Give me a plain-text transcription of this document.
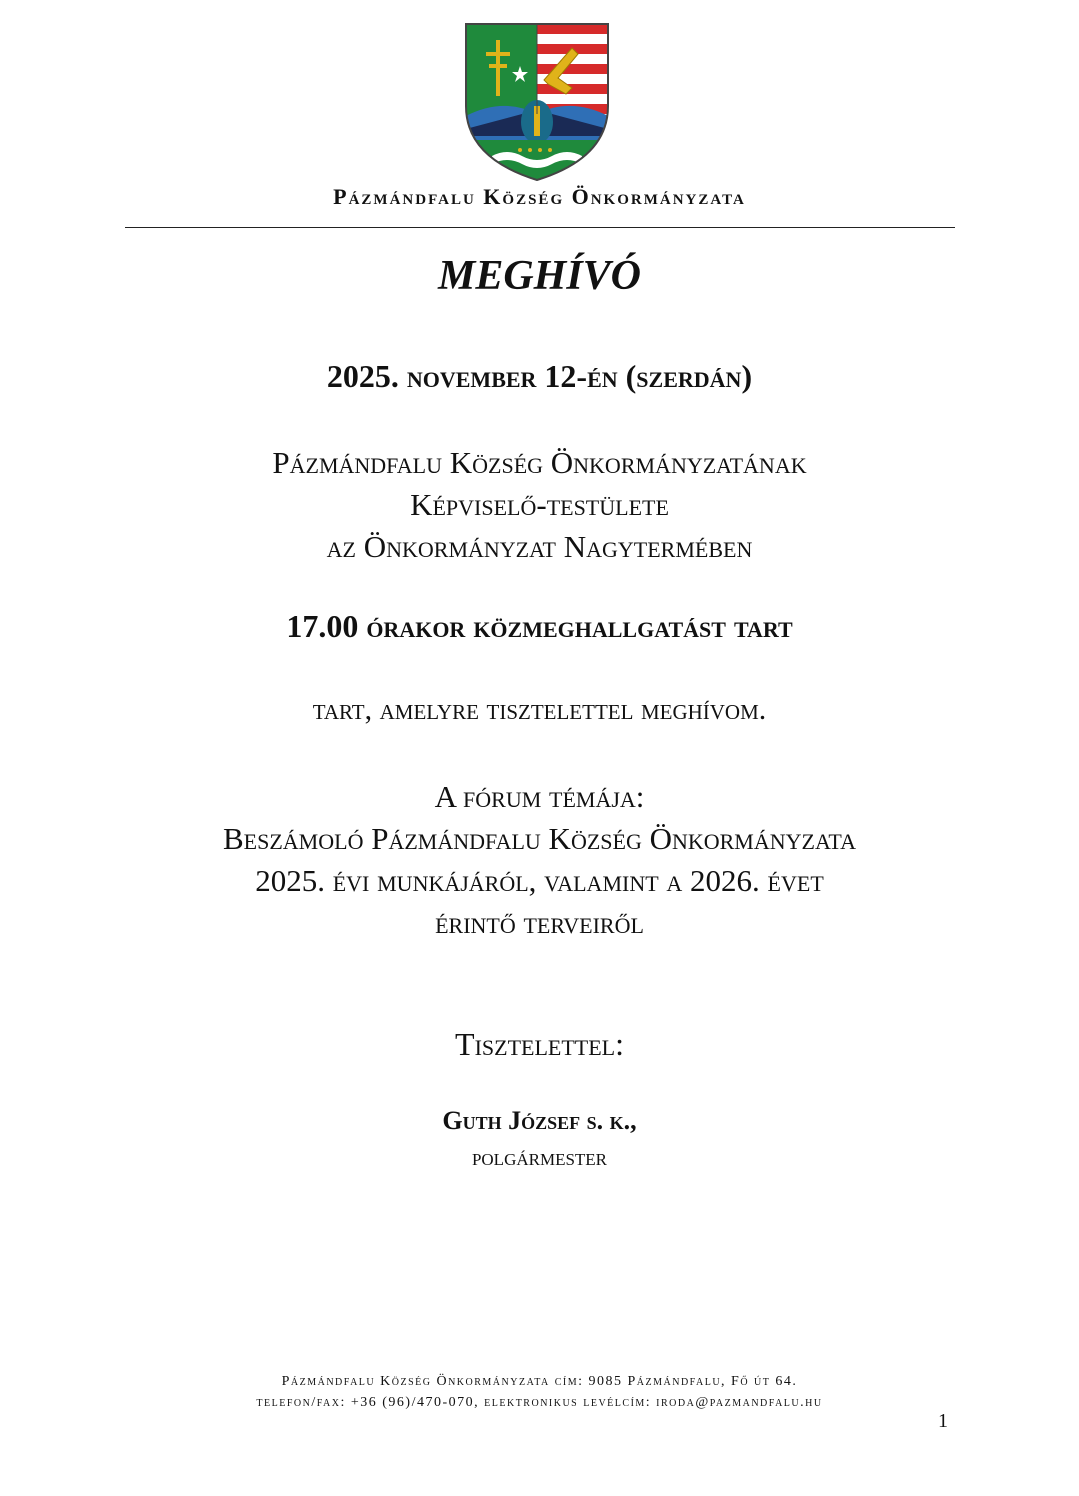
Pázmándfalu Község Önkormányzata
MEGHÍVÓ
2025. november 12-én (szerdán)
Pázmándfalu Község Önkormányzatának
Képviselő-testülete
az Önkormányzat Nagytermében
17.00 órakor közmeghallgatást tart
tart, amelyre tisztelettel meghívom.
A fórum témája:
Beszámoló Pázmándfalu Község Önkormányzata
2025. évi munkájáról, valamint a 2026. évet
érintő terveiről
Tisztelettel:
Guth József s. k.,
polgármester
Pázmándfalu Község Önkormányzata cím: 9085 Pázmándfalu, Fő út 64.
telefon/fax: +36 (96)/470-070, elektronikus levélcím: iroda@pazmandfalu.hu
1
